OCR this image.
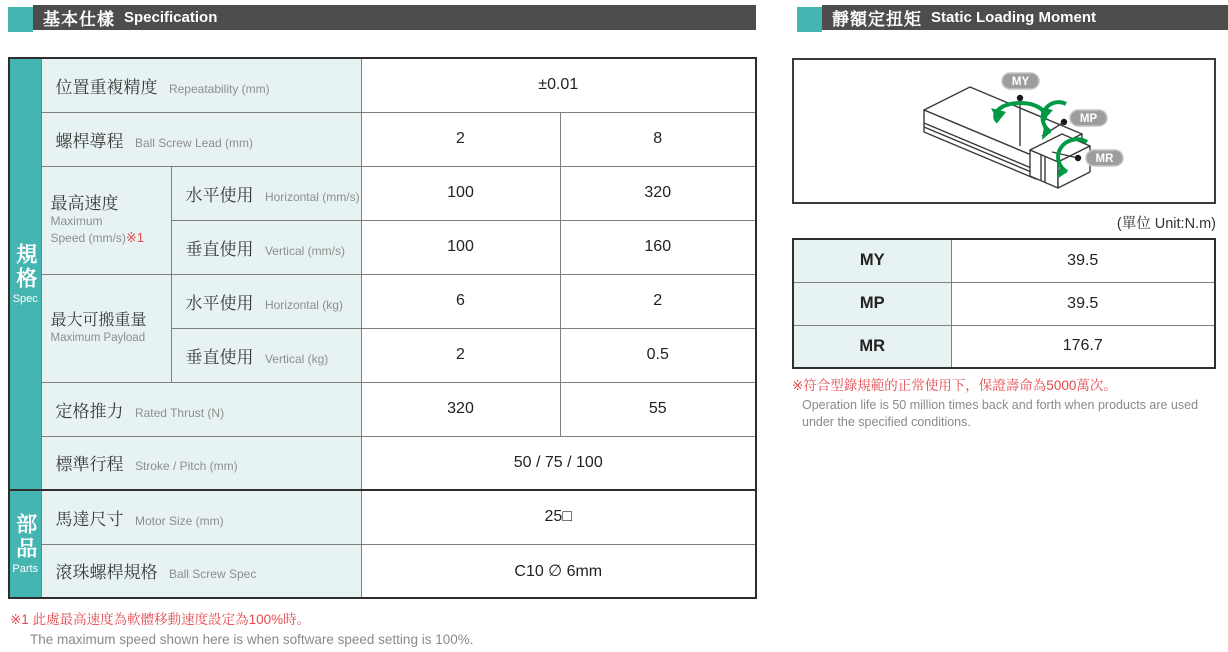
基本仕樣 Specification
規格
Spec	位置重複精度 Repeatability (mm)		±0.01	
	螺桿導程 Ball Screw Lead (mm)		2	8

	最高速度
Maximum
Speed (mm/s)※1	水平使用 Horizontal (mm/s)	100	320
		垂直使用 Vertical (mm/s)	100	160

	最大可搬重量
Maximum Payload	水平使用 Horizontal (kg)	6	2
		垂直使用 Vertical (kg)	2	0.5
	定格推力 Rated Thrust (N)		320	55
	標準行程 Stroke / Pitch (mm)		50 / 75 / 100	

部品
Parts	馬達尺寸 Motor Size (mm)		25□	
	滾珠螺桿規格 Ball Screw Spec		C10 ∅ 6mm	
※1 此處最高速度為軟體移動速度設定為100%時。
The maximum speed shown here is when software speed setting is 100%.
靜額定扭矩 Static Loading Moment
MY
MP
MR
(單位 Unit:N.m)
MY	39.5
MP	39.5
MR	176.7
※符合型錄規範的正常使用下，保證壽命為5000萬次。
Operation life is 50 million times back and forth when products are used under the specified conditions.
